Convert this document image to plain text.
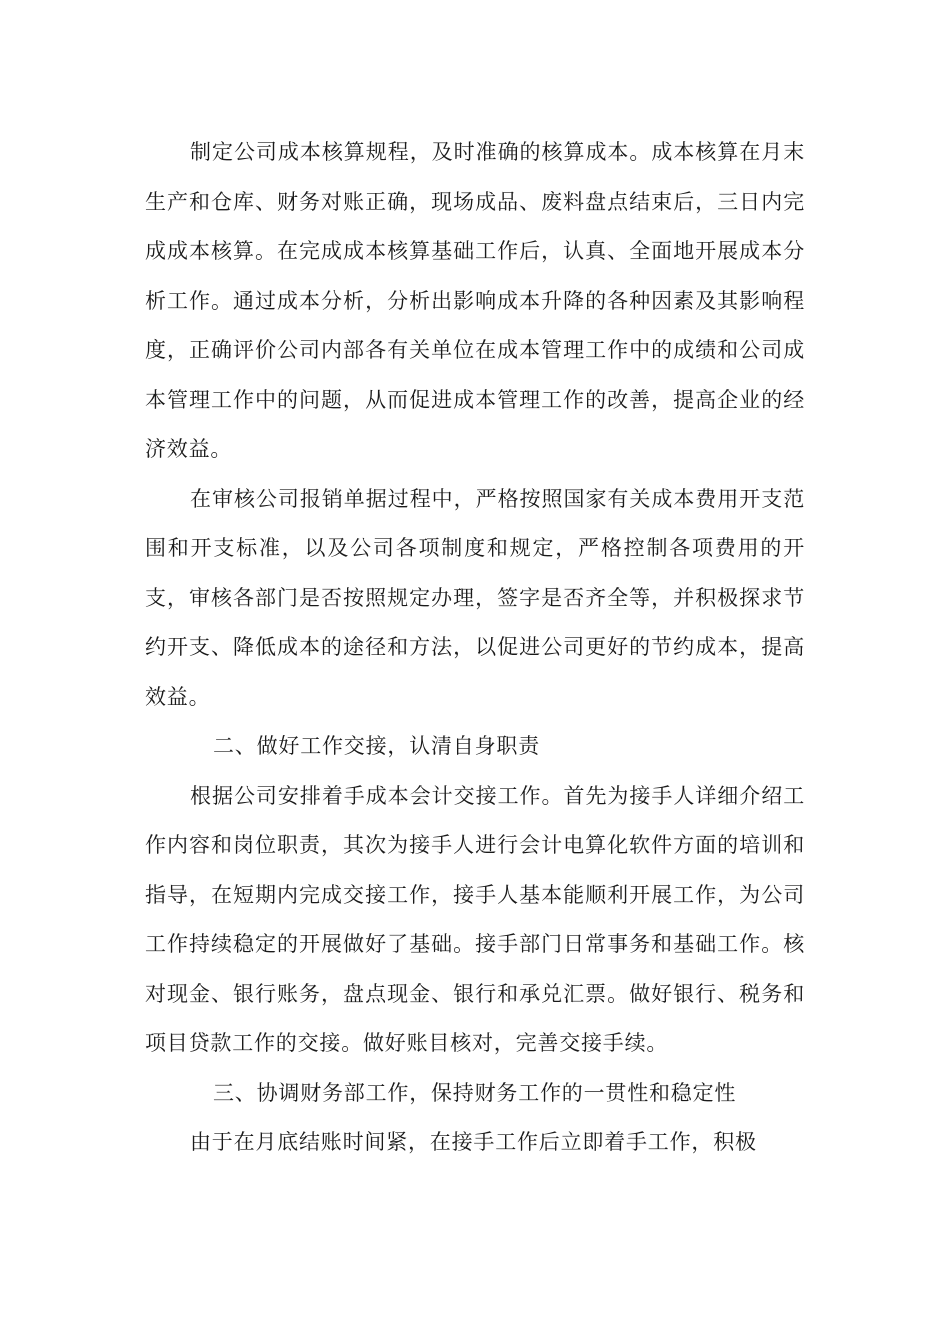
制定公司成本核算规程，及时准确的核算成本。成本核算在月末生产和仓库、财务对账正确，现场成品、废料盘点结束后，三日内完成成本核算。在完成成本核算基础工作后，认真、全面地开展成本分析工作。通过成本分析，分析出影响成本升降的各种因素及其影响程度，正确评价公司内部各有关单位在成本管理工作中的成绩和公司成本管理工作中的问题，从而促进成本管理工作的改善，提高企业的经济效益。

在审核公司报销单据过程中，严格按照国家有关成本费用开支范围和开支标准，以及公司各项制度和规定，严格控制各项费用的开支，审核各部门是否按照规定办理，签字是否齐全等，并积极探求节约开支、降低成本的途径和方法，以促进公司更好的节约成本，提高效益。

二、做好工作交接，认清自身职责

根据公司安排着手成本会计交接工作。首先为接手人详细介绍工作内容和岗位职责，其次为接手人进行会计电算化软件方面的培训和指导，在短期内完成交接工作，接手人基本能顺利开展工作，为公司工作持续稳定的开展做好了基础。接手部门日常事务和基础工作。核对现金、银行账务，盘点现金、银行和承兑汇票。做好银行、税务和项目贷款工作的交接。做好账目核对，完善交接手续。

三、协调财务部工作，保持财务工作的一贯性和稳定性

由于在月底结账时间紧，在接手工作后立即着手工作，积极
